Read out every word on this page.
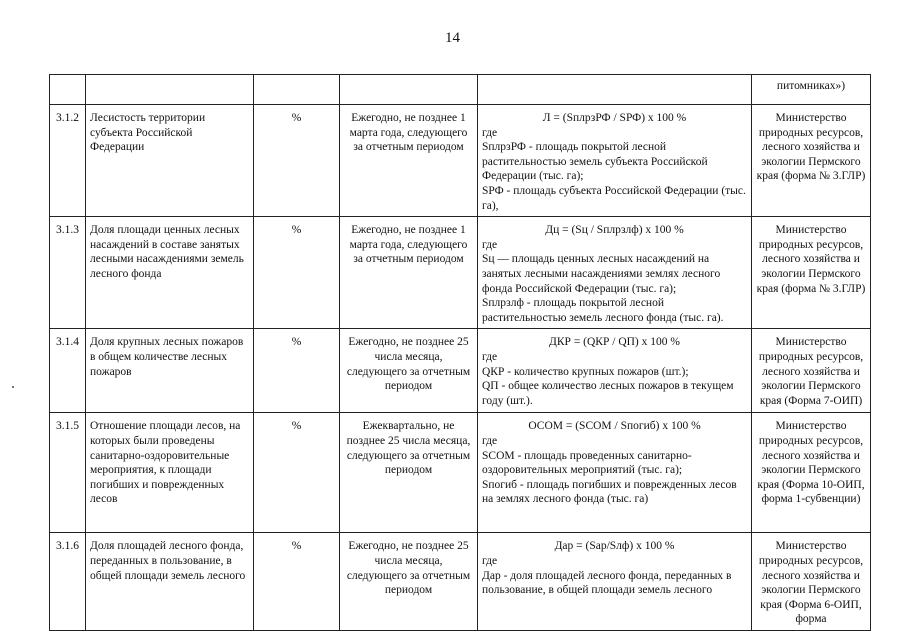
14
					питомниках»)
3.1.2	Лесистость территории субъекта Российской Федерации	%	Ежегодно, не позднее 1 марта года, следующего за отчетным периодом	Л = (SплрзРФ / SРФ) х 100 %
где
SплрзРФ - площадь покрытой лесной растительностью земель субъекта Российской Федерации (тыс. га);
SРФ - площадь субъекта Российской Федерации (тыс. га),	Министерство природных ресурсов, лесного хозяйства и экологии Пермского края (форма № 3.ГЛР)
3.1.3	Доля площади ценных лесных насаждений в составе занятых лесными насаждениями земель лесного фонда	%	Ежегодно, не позднее 1 марта года, следующего за отчетным периодом	Дц = (Sц / Sплрзлф) х 100 %
где
Sц — площадь ценных лесных насаждений на занятых лесными насаждениями землях лесного фонда Российской Федерации (тыс. га);
Sплрзлф - площадь покрытой лесной растительностью земель лесного фонда (тыс. га).	Министерство природных ресурсов, лесного хозяйства и экологии Пермского края (форма № 3.ГЛР)
3.1.4	Доля крупных лесных пожаров в общем количестве лесных пожаров	%	Ежегодно, не позднее 25 числа месяца, следующего за отчетным периодом	ДКР = (QКР / QП) х 100 %
где
QКР - количество крупных пожаров (шт.);
QП - общее количество лесных пожаров в текущем году (шт.).	Министерство природных ресурсов, лесного хозяйства и экологии Пермского края (Форма 7-ОИП)
3.1.5	Отношение площади лесов, на которых были проведены санитарно-оздоровительные мероприятия, к площади погибших и поврежденных лесов	%	Ежеквартально, не позднее 25 числа месяца, следующего за отчетным периодом	ОСОМ = (SСОМ / Sпогиб) х 100 %
где
SСОМ - площадь проведенных санитарно-оздоровительных мероприятий (тыс. га);
Sпогиб - площадь погибших и поврежденных лесов на землях лесного фонда (тыс. га)	Министерство природных ресурсов, лесного хозяйства и экологии Пермского края (Форма 10-ОИП, форма 1-субвенции)
3.1.6	Доля площадей лесного фонда, переданных в пользование, в общей площади земель лесного	%	Ежегодно, не позднее 25 числа месяца, следующего за отчетным периодом	Дар = (Sар/Sлф) х 100 %
где
Дар - доля площадей лесного фонда, переданных в пользование, в общей площади земель лесного	Министерство природных ресурсов, лесного хозяйства и экологии Пермского края (Форма 6-ОИП, форма
